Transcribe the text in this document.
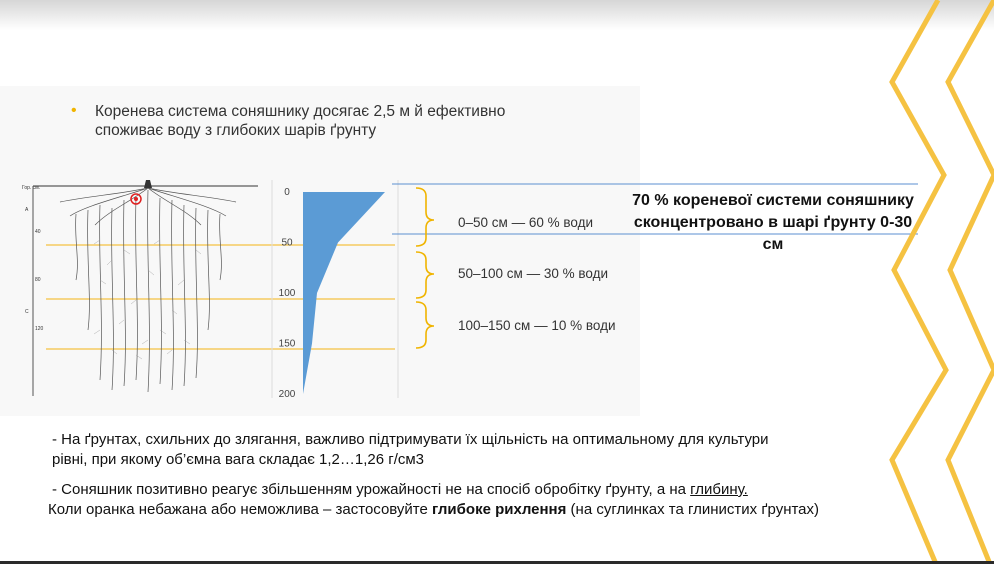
• Коренева система соняшнику досягає 2,5 м й ефективно споживає воду з глибоких шарів ґрунту
Гор. см.
А
40
80
С
120
0
50
100
150
200
0–50 см — 60 % води
50–100 см — 30 % води
100–150 см — 10 % води
70 % кореневої системи соняшнику сконцентровано в шарі ґрунту 0-30 см
- На ґрунтах, схильних до злягання, важливо підтримувати їх щільність на оптимальному для культури
рівні, при якому об’ємна вага складає 1,2…1,26 г/см3
- Соняшник позитивно реагує збільшенням урожайності не на спосіб обробітку ґрунту, а на глибину.
Коли оранка небажана або неможлива – застосовуйте глибоке рихлення (на суглинках та глинистих ґрунтах)
